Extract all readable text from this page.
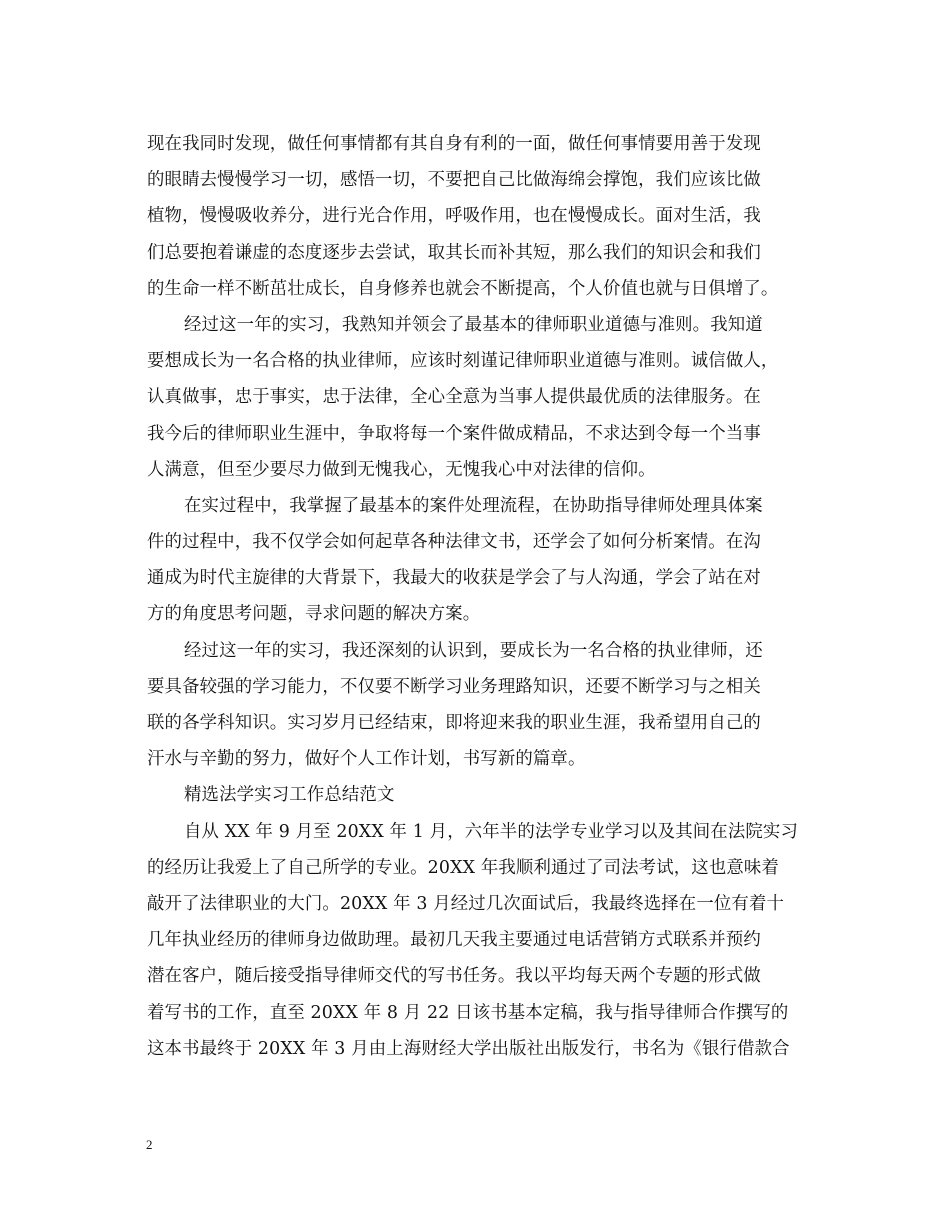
现在我同时发现，做任何事情都有其自身有利的一面，做任何事情要用善于发现
的眼睛去慢慢学习一切，感悟一切，不要把自己比做海绵会撑饱，我们应该比做
植物，慢慢吸收养分，进行光合作用，呼吸作用，也在慢慢成长。面对生活，我
们总要抱着谦虚的态度逐步去尝试，取其长而补其短，那么我们的知识会和我们
的生命一样不断茁壮成长，自身修养也就会不断提高，个人价值也就与日俱增了。
经过这一年的实习，我熟知并领会了最基本的律师职业道德与准则。我知道
要想成长为一名合格的执业律师，应该时刻谨记律师职业道德与准则。诚信做人，
认真做事，忠于事实，忠于法律，全心全意为当事人提供最优质的法律服务。在
我今后的律师职业生涯中，争取将每一个案件做成精品，不求达到令每一个当事
人满意，但至少要尽力做到无愧我心，无愧我心中对法律的信仰。
在实过程中，我掌握了最基本的案件处理流程，在协助指导律师处理具体案
件的过程中，我不仅学会如何起草各种法律文书，还学会了如何分析案情。在沟
通成为时代主旋律的大背景下，我最大的收获是学会了与人沟通，学会了站在对
方的角度思考问题，寻求问题的解决方案。
经过这一年的实习，我还深刻的认识到，要成长为一名合格的执业律师，还
要具备较强的学习能力，不仅要不断学习业务理路知识，还要不断学习与之相关
联的各学科知识。实习岁月已经结束，即将迎来我的职业生涯，我希望用自己的
汗水与辛勤的努力，做好个人工作计划，书写新的篇章。
精选法学实习工作总结范文
自从 XX 年 9 月至 20XX 年 1 月，六年半的法学专业学习以及其间在法院实习
的经历让我爱上了自己所学的专业。20XX 年我顺利通过了司法考试，这也意味着
敲开了法律职业的大门。20XX 年 3 月经过几次面试后，我最终选择在一位有着十
几年执业经历的律师身边做助理。最初几天我主要通过电话营销方式联系并预约
潜在客户，随后接受指导律师交代的写书任务。我以平均每天两个专题的形式做
着写书的工作，直至 20XX 年 8 月 22 日该书基本定稿，我与指导律师合作撰写的
这本书最终于 20XX 年 3 月由上海财经大学出版社出版发行，书名为《银行借款合
2
